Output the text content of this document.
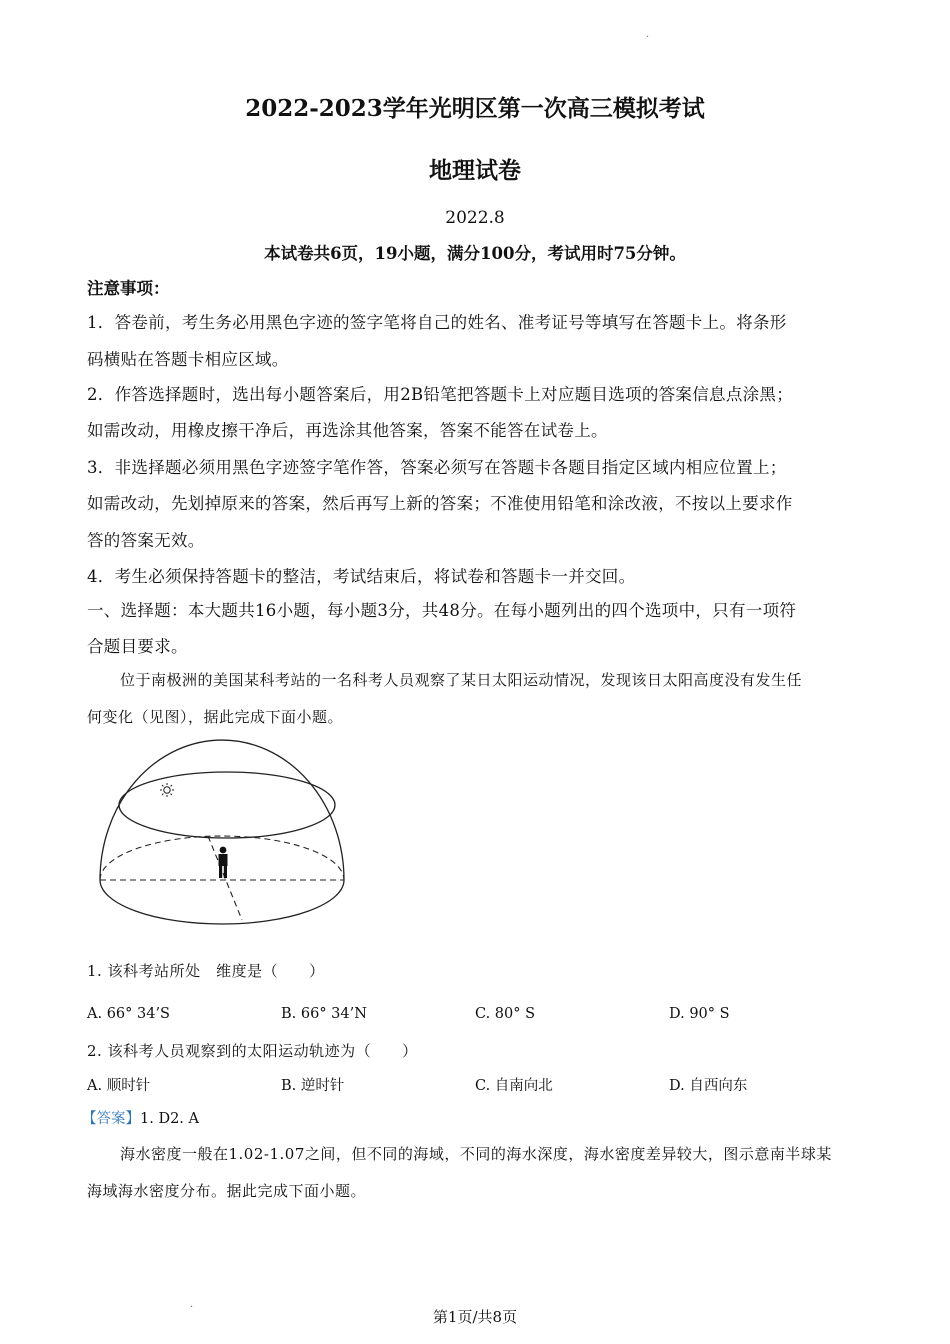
·
2022-2023学年光明区第一次高三模拟考试
地理试卷
2022.8
本试卷共6页，19小题，满分100分，考试用时75分钟。
注意事项：
1．答卷前，考生务必用黑色字迹的签字笔将自己的姓名、准考证号等填写在答题卡上。将条形
码横贴在答题卡相应区域。
2．作答选择题时，选出每小题答案后，用2B铅笔把答题卡上对应题目选项的答案信息点涂黑；
如需改动，用橡皮擦干净后，再选涂其他答案，答案不能答在试卷上。
3．非选择题必须用黑色字迹签字笔作答，答案必须写在答题卡各题目指定区域内相应位置上；
如需改动，先划掉原来的答案，然后再写上新的答案；不准使用铅笔和涂改液，不按以上要求作
答的答案无效。
4．考生必须保持答题卡的整洁，考试结束后，将试卷和答题卡一并交回。
一、选择题：本大题共16小题，每小题3分，共48分。在每小题列出的四个选项中，只有一项符
合题目要求。
位于南极洲的美国某科考站的一名科考人员观察了某日太阳运动情况，发现该日太阳高度没有发生任
何变化（见图），据此完成下面小题。
1. 该科考站所处　维度是（　　）
A. 66° 34’S	B. 66° 34’N	C. 80° S	D. 90° S
2. 该科考人员观察到的太阳运动轨迹为（　　）
A. 顺时针	B. 逆时针	C. 自南向北	D. 自西向东
【答案】1. D2. A
海水密度一般在1.02-1.07之间，但不同的海域，不同的海水深度，海水密度差异较大，图示意南半球某
海域海水密度分布。据此完成下面小题。
·
第1页/共8页
